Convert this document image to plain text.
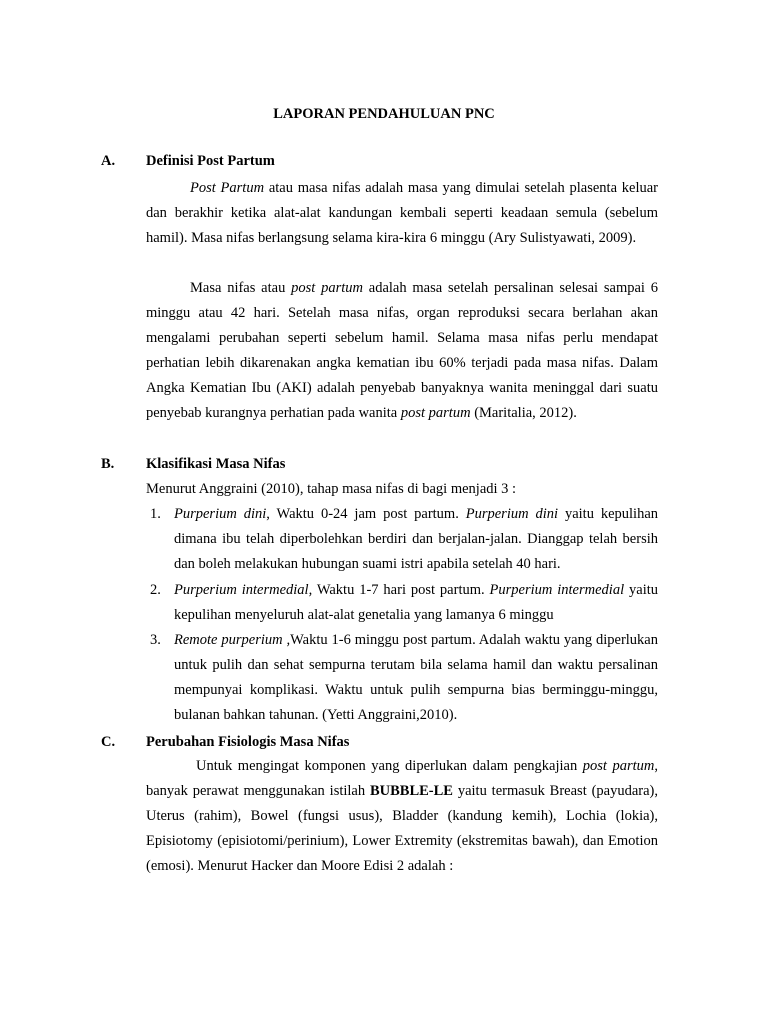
LAPORAN PENDAHULUAN PNC
A. Definisi Post Partum

Post Partum atau masa nifas adalah masa yang dimulai setelah plasenta keluar dan berakhir ketika alat-alat kandungan kembali seperti keadaan semula (sebelum hamil). Masa nifas berlangsung selama kira-kira 6 minggu (Ary Sulistyawati, 2009).

Masa nifas atau post partum adalah masa setelah persalinan selesai sampai 6 minggu atau 42 hari. Setelah masa nifas, organ reproduksi secara berlahan akan mengalami perubahan seperti sebelum hamil. Selama masa nifas perlu mendapat perhatian lebih dikarenakan angka kematian ibu 60% terjadi pada masa nifas. Dalam Angka Kematian Ibu (AKI) adalah penyebab banyaknya wanita meninggal dari suatu penyebab kurangnya perhatian pada wanita post partum (Maritalia, 2012).

B. Klasifikasi Masa Nifas
Menurut Anggraini (2010), tahap masa nifas di bagi menjadi 3 :
1. Purperium dini, Waktu 0-24 jam post partum. Purperium dini yaitu kepulihan dimana ibu telah diperbolehkan berdiri dan berjalan-jalan. Dianggap telah bersih dan boleh melakukan hubungan suami istri apabila setelah 40 hari.

2. Purperium intermedial, Waktu 1-7 hari post partum. Purperium intermedial yaitu kepulihan menyeluruh alat-alat genetalia yang lamanya 6 minggu

3. Remote purperium ,Waktu 1-6 minggu post partum. Adalah waktu yang diperlukan untuk pulih dan sehat sempurna terutam bila selama hamil dan waktu persalinan mempunyai komplikasi. Waktu untuk pulih sempurna bias berminggu-minggu, bulanan bahkan tahunan. (Yetti Anggraini,2010).

C. Perubahan Fisiologis Masa Nifas

Untuk mengingat komponen yang diperlukan dalam pengkajian post partum, banyak perawat menggunakan istilah BUBBLE-LE yaitu termasuk Breast (payudara), Uterus (rahim), Bowel (fungsi usus), Bladder (kandung kemih), Lochia (lokia), Episiotomy (episiotomi/perinium), Lower Extremity (ekstremitas bawah), dan Emotion (emosi). Menurut Hacker dan Moore Edisi 2 adalah :
